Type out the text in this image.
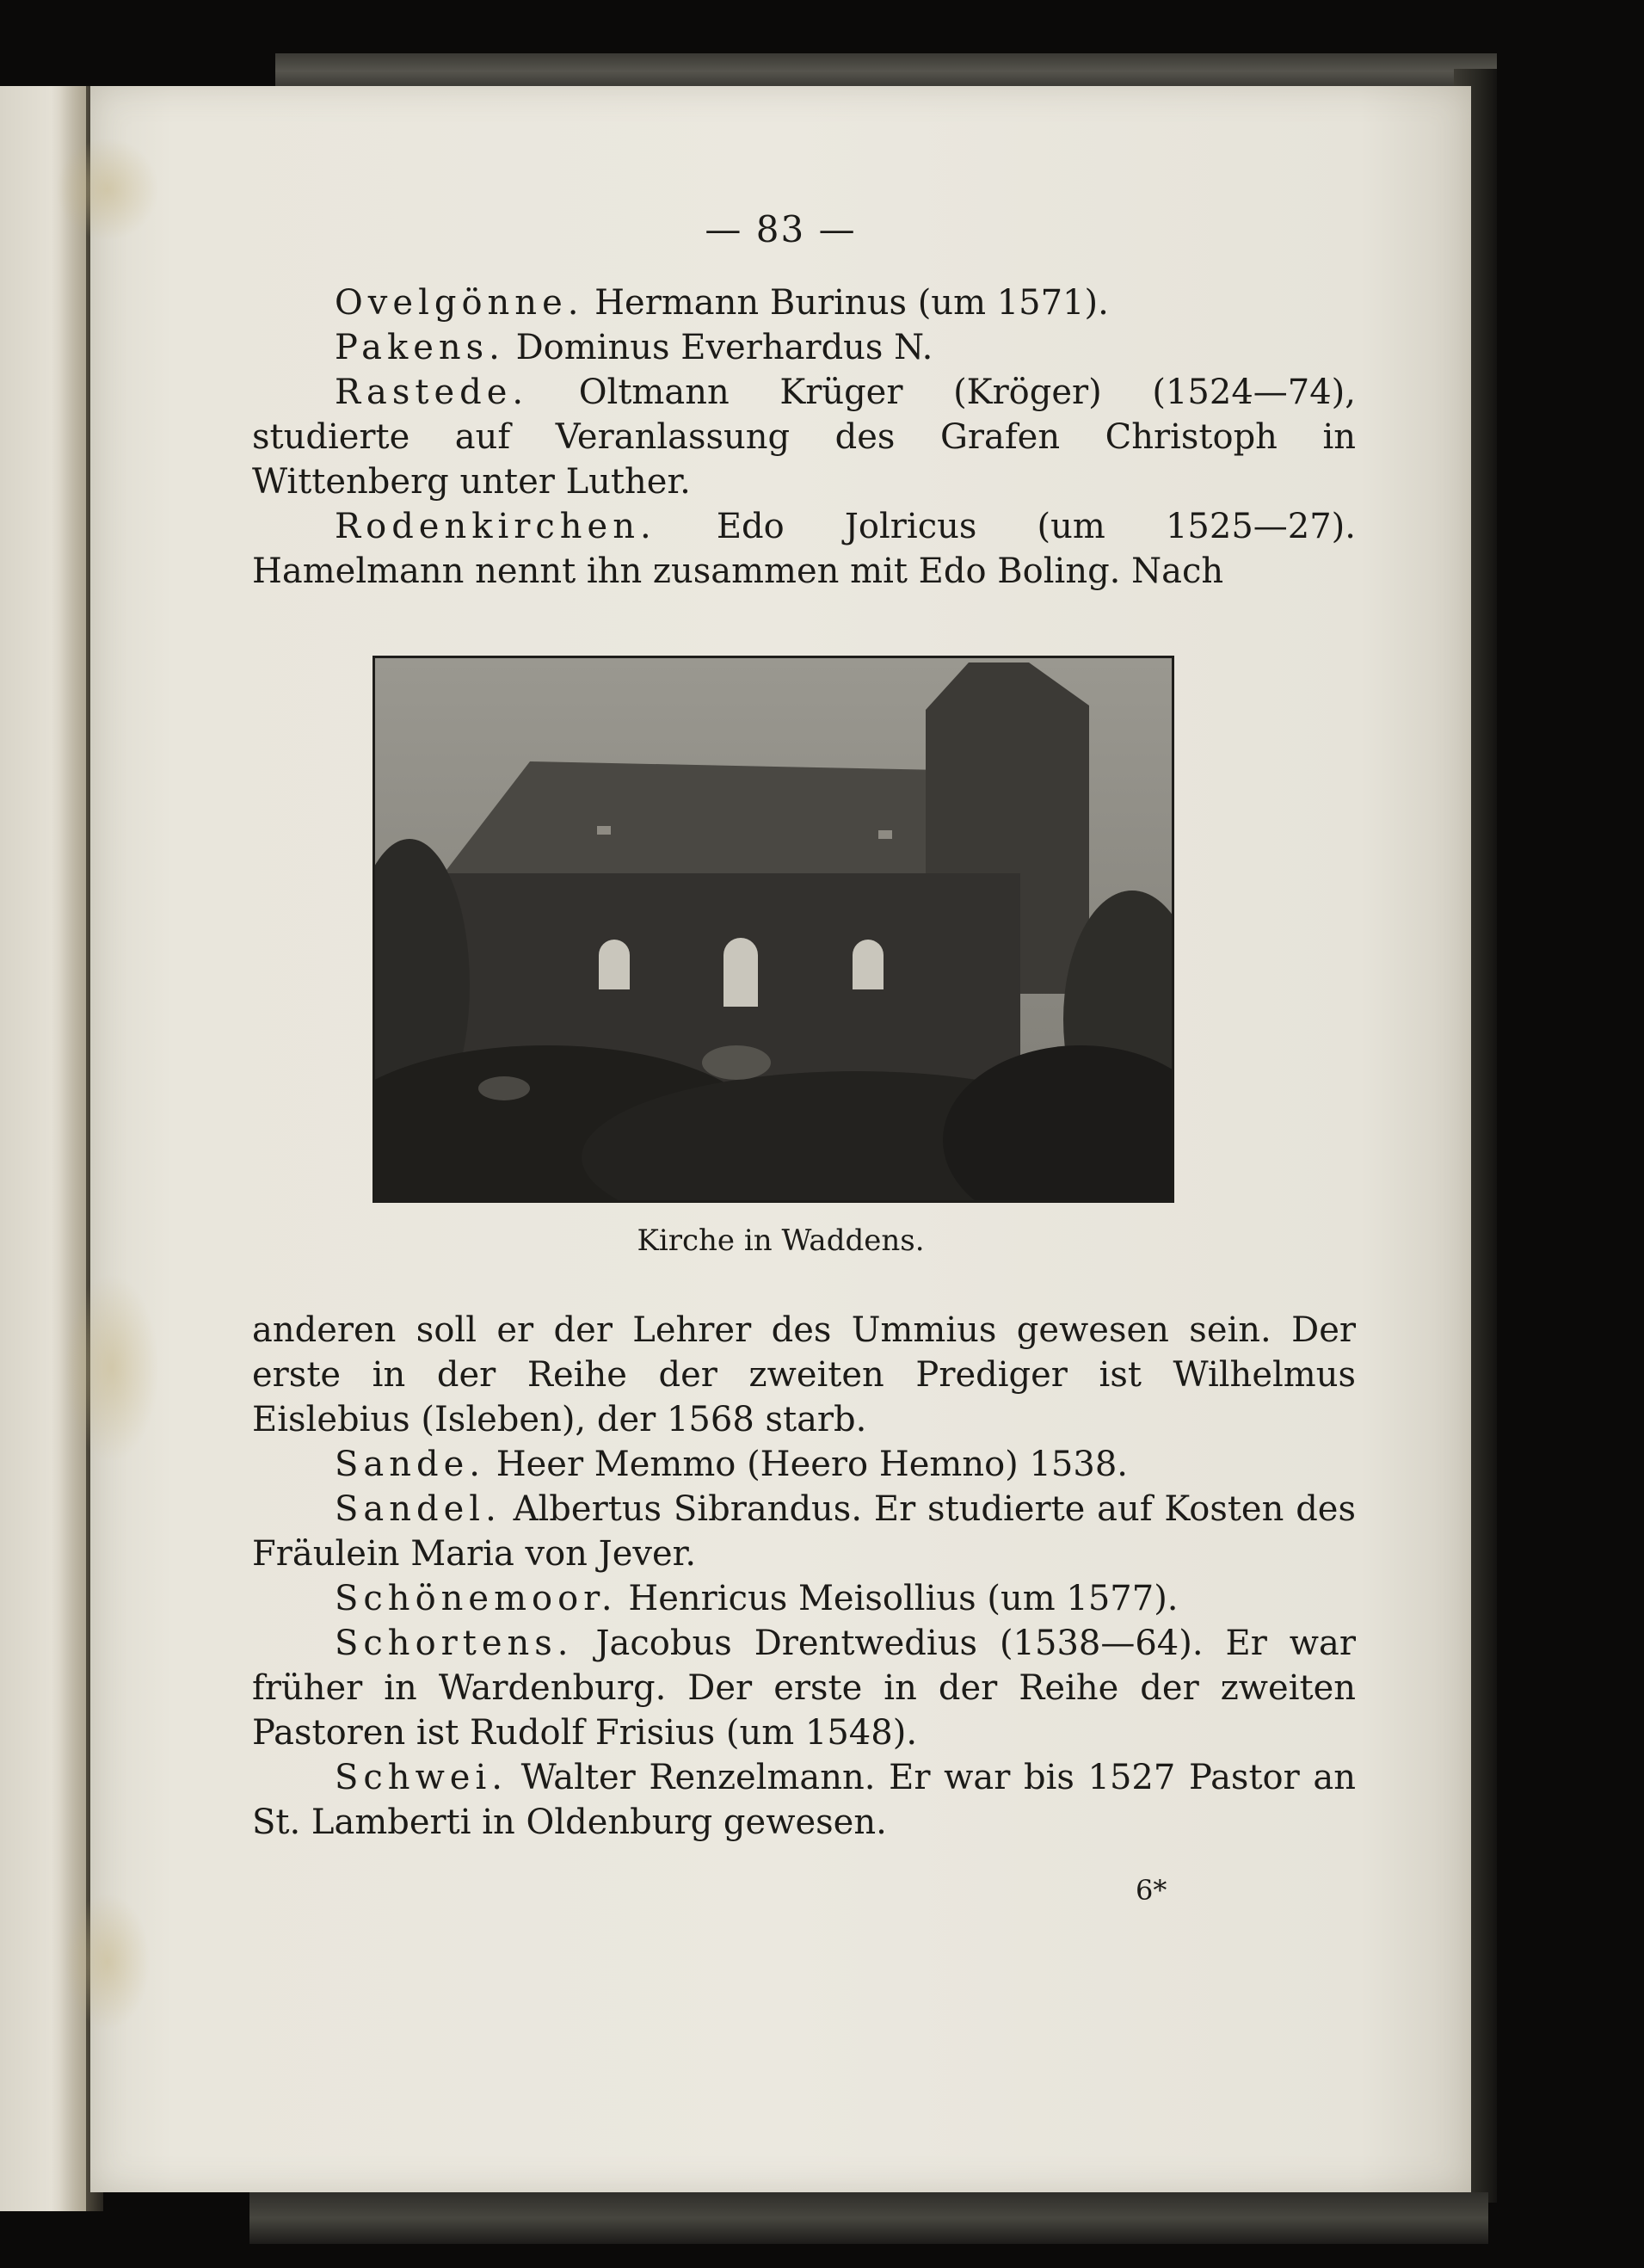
— 83 —

Ovelgönne. Hermann Burinus (um 1571).

Pakens. Dominus Everhardus N.

Rastede. Oltmann Krüger (Kröger) (1524—74), studierte auf Veranlassung des Grafen Christoph in Wittenberg unter Luther.

Rodenkirchen. Edo Jolricus (um 1525—27). Hamelmann nennt ihn zusammen mit Edo Boling. Nach

Kirche in Waddens.

anderen soll er der Lehrer des Ummius gewesen sein. Der erste in der Reihe der zweiten Prediger ist Wilhelmus Eislebius (Isleben), der 1568 starb.

Sande. Heer Memmo (Heero Hemno) 1538.

Sandel. Albertus Sibrandus. Er studierte auf Kosten des Fräulein Maria von Jever.

Schönemoor. Henricus Meisollius (um 1577).

Schortens. Jacobus Drentwedius (1538—64). Er war früher in Wardenburg. Der erste in der Reihe der zweiten Pastoren ist Rudolf Frisius (um 1548).

Schwei. Walter Renzelmann. Er war bis 1527 Pastor an St. Lamberti in Oldenburg gewesen.

6*
